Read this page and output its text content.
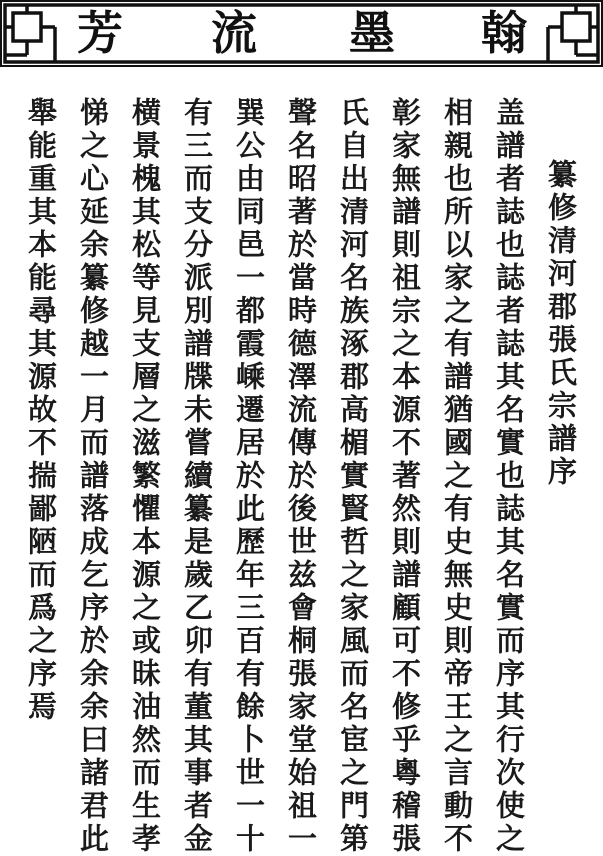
芳 流 墨 翰
纂修清河郡張氏宗譜序
盖譜者誌也誌者誌其名實也誌其名實而序其行次使之
相親也所以家之有譜猶國之有史無史則帝王之言動不
彰家無譜則祖宗之本源不著然則譜顧可不修乎粵稽張
氏自出清河名族涿郡高楣實賢哲之家風而名宦之門第
聲名昭著於當時德澤流傳於後世兹會桐張家堂始祖一
巽公由同邑一都霞嵊遷居於此歷年三百有餘卜世一十
有三而支分派別譜牒未嘗續纂是歲乙卯有董其事者金
横景槐其松等見支層之滋繁懼本源之或昧油然而生孝
悌之心延余纂修越一月而譜落成乞序於余余曰諸君此
舉能重其本能尋其源故不揣鄙陋而爲之序焉
